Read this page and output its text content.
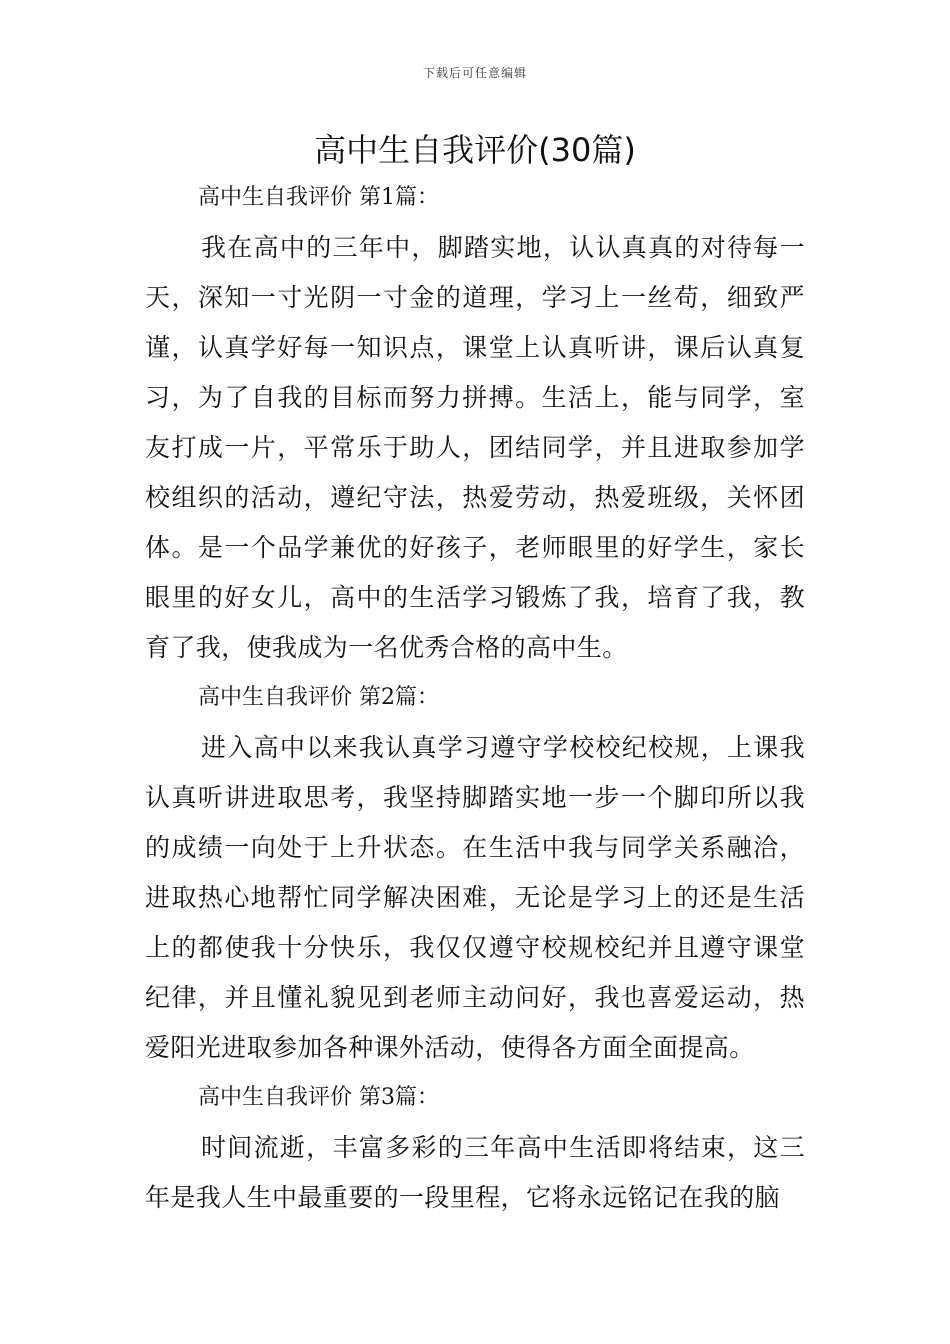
下载后可任意编辑
高中生自我评价(30篇)

高中生自我评价 第1篇：

我在高中的三年中，脚踏实地，认认真真的对待每一天，深知一寸光阴一寸金的道理，学习上一丝苟，细致严谨，认真学好每一知识点，课堂上认真听讲，课后认真复习，为了自我的目标而努力拼搏。生活上，能与同学，室友打成一片，平常乐于助人，团结同学，并且进取参加学校组织的活动，遵纪守法，热爱劳动，热爱班级，关怀团体。是一个品学兼优的好孩子，老师眼里的好学生，家长眼里的好女儿，高中的生活学习锻炼了我，培育了我，教育了我，使我成为一名优秀合格的高中生。

高中生自我评价 第2篇：

进入高中以来我认真学习遵守学校校纪校规，上课我认真听讲进取思考，我坚持脚踏实地一步一个脚印所以我的成绩一向处于上升状态。在生活中我与同学关系融洽，进取热心地帮忙同学解决困难，无论是学习上的还是生活上的都使我十分快乐，我仅仅遵守校规校纪并且遵守课堂纪律，并且懂礼貌见到老师主动问好，我也喜爱运动，热爱阳光进取参加各种课外活动，使得各方面全面提高。

高中生自我评价 第3篇：

时间流逝，丰富多彩的三年高中生活即将结束，这三年是我人生中最重要的一段里程，它将永远铭记在我的脑
